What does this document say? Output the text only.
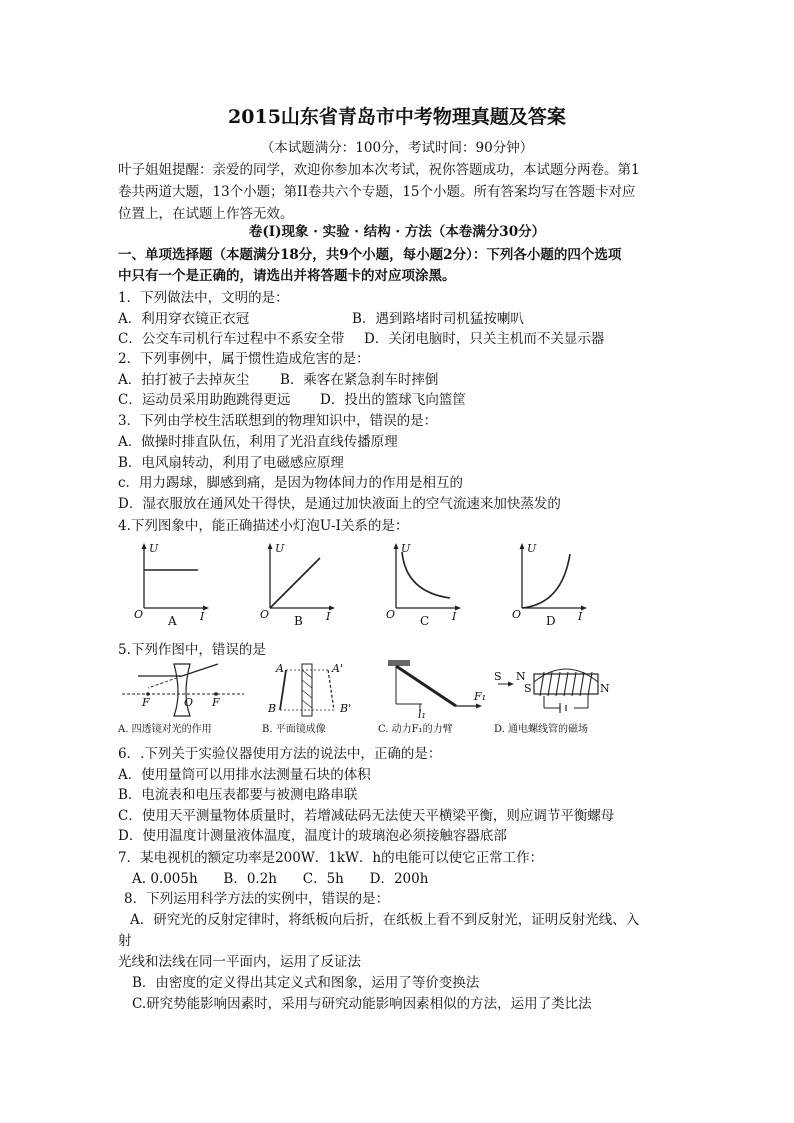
2015山东省青岛市中考物理真题及答案
（本试题满分：100分，考试时间：90分钟）
叶子姐姐提醒：亲爱的同学，欢迎你参加本次考试，祝你答题成功，本试题分两卷。第1
卷共两道大题，13个小题；第II卷共六个专题，15个小题。所有答案均写在答题卡对应
位置上，在试题上作答无效。
卷(I)现象 · 实验 · 结构 · 方法（本卷满分30分）
一、单项选择题（本题满分18分，共9个小题，每小题2分）：下列各小题的四个选项
中只有一个是正确的，请选出并将答题卡的对应项涂黑。
1．下列做法中，文明的是：
A．利用穿衣镜正衣冠	B．遇到路堵时司机猛按喇叭
C．公交车司机行车过程中不系安全带 D．关闭电脑时，只关主机而不关显示器
2．下列事例中，属于惯性造成危害的是：
A．拍打被子去掉灰尘 B．乘客在紧急刹车时摔倒
C．运动员采用助跑跳得更远 D．投出的篮球飞向篮筐
3．下列由学校生活联想到的物理知识中，错误的是：
A．做操时排直队伍，利用了光沿直线传播原理
B．电风扇转动，利用了电磁感应原理
c．用力踢球，脚感到痛，是因为物体间力的作用是相互的
D．湿衣服放在通风处干得快，是通过加快液面上的空气流速来加快蒸发的
4.下列图象中，能正确描述小灯泡U-I关系的是：
U
I
O A
U
I
O B
U
I
O C
U
I
O D
5.下列作图中，错误的是
F	O F
A. 四透镜对光的作用
A	A'
B	B'
B. 平面镜成像
l₁
F₁
C. 动力F₁的力臂
S N
S	N
D. 通电螺线管的磁场
6．.下列关于实验仪器使用方法的说法中，正确的是：
A．使用量筒可以用排水法测量石块的体积
B．电流表和电压表都要与被测电路串联
C．使用天平测量物体质量时，若增减砝码无法使天平横梁平衡，则应调节平衡螺母
D．使用温度计测量液体温度，温度计的玻璃泡必须接触容器底部
7．某电视机的额定功率是200W．1kW．h的电能可以使它正常工作：
A. 0.005h      B．0.2h      C．5h      D．200h
8．下列运用科学方法的实例中，错误的是：
A．研究光的反射定律时，将纸板向后折，在纸板上看不到反射光，证明反射光线、入
射
光线和法线在同一平面内，运用了反证法
B．由密度的定义得出其定义式和图象，运用了等价变换法
C.研究势能影响因素时，采用与研究动能影响因素相似的方法，运用了类比法
